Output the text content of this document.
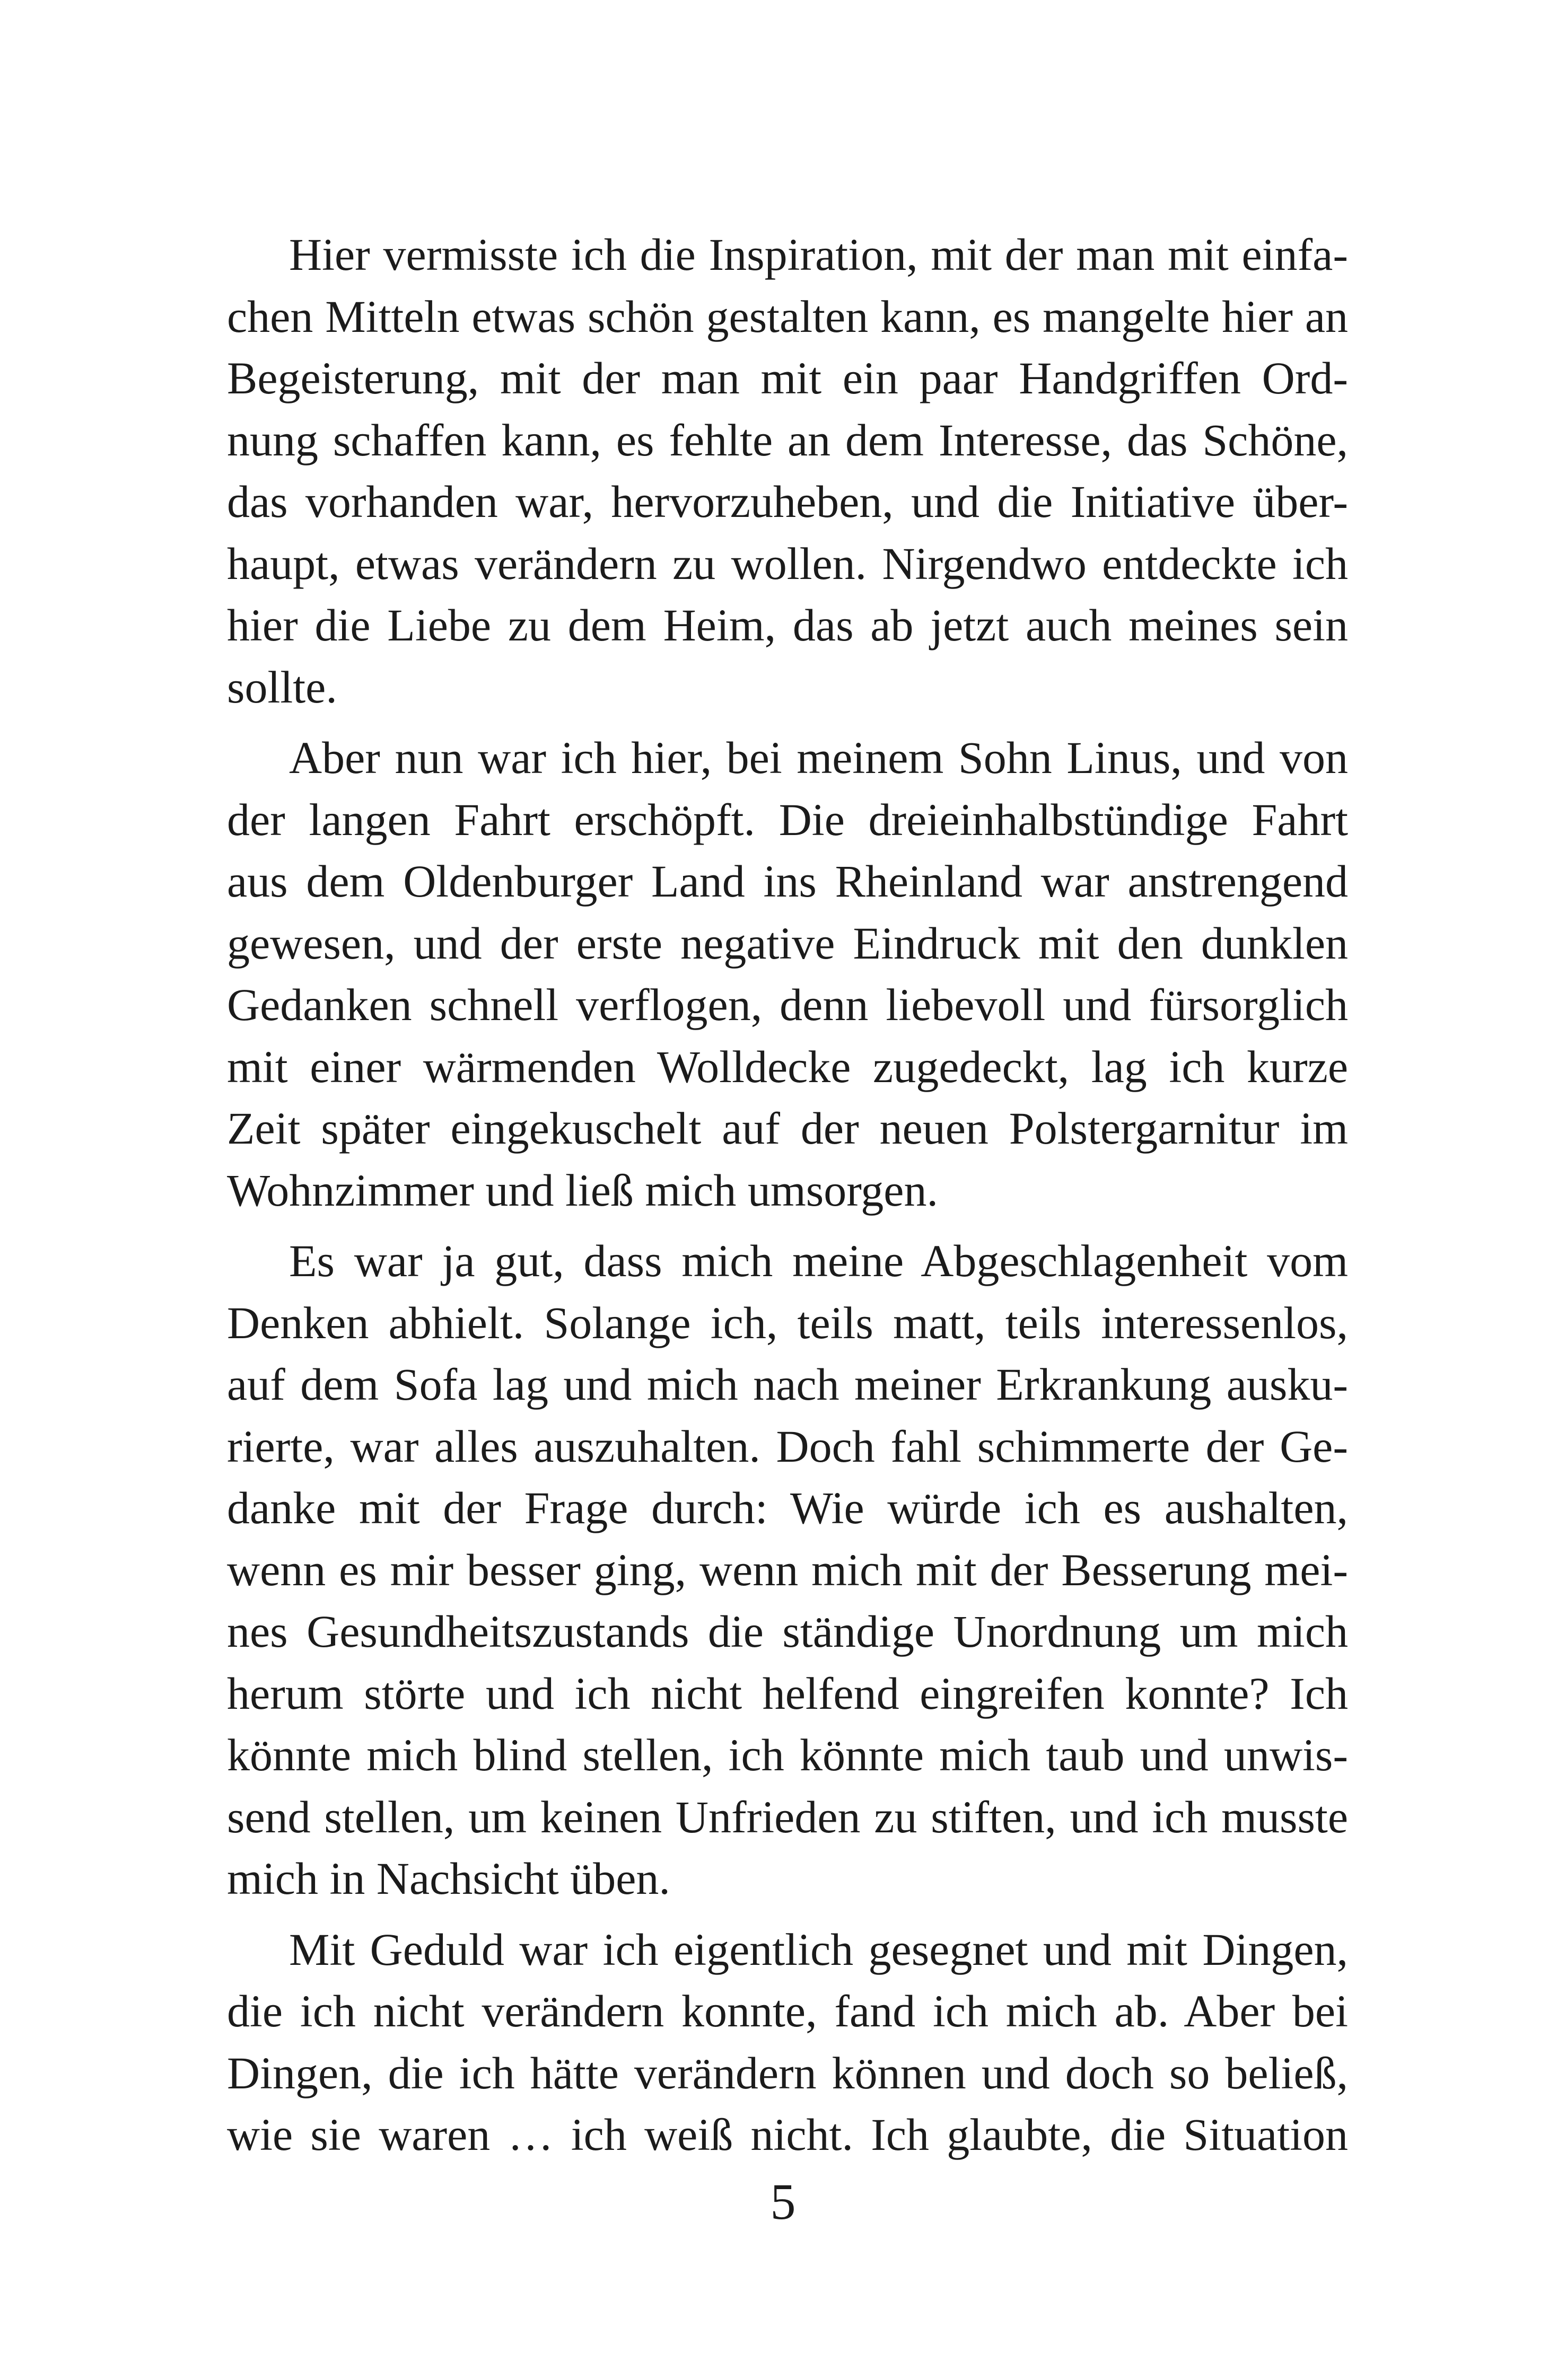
Hier vermisste ich die Inspiration, mit der man mit einfa-
chen Mitteln etwas schön gestalten kann, es mangelte hier an
Begeisterung, mit der man mit ein paar Handgriffen Ord-
nung schaffen kann, es fehlte an dem Interesse, das Schöne,
das vorhanden war, hervorzuheben, und die Initiative über-
haupt, etwas verändern zu wollen. Nirgendwo entdeckte ich
hier die Liebe zu dem Heim, das ab jetzt auch meines sein
sollte.

Aber nun war ich hier, bei meinem Sohn Linus, und von
der langen Fahrt erschöpft. Die dreieinhalbstündige Fahrt
aus dem Oldenburger Land ins Rheinland war anstrengend
gewesen, und der erste negative Eindruck mit den dunklen
Gedanken schnell verflogen, denn liebevoll und fürsorglich
mit einer wärmenden Wolldecke zugedeckt, lag ich kurze
Zeit später eingekuschelt auf der neuen Polstergarnitur im
Wohnzimmer und ließ mich umsorgen.

Es war ja gut, dass mich meine Abgeschlagenheit vom
Denken abhielt. Solange ich, teils matt, teils interessenlos,
auf dem Sofa lag und mich nach meiner Erkrankung ausku-
rierte, war alles auszuhalten. Doch fahl schimmerte der Ge-
danke mit der Frage durch: Wie würde ich es aushalten,
wenn es mir besser ging, wenn mich mit der Besserung mei-
nes Gesundheitszustands die ständige Unordnung um mich
herum störte und ich nicht helfend eingreifen konnte? Ich
könnte mich blind stellen, ich könnte mich taub und unwis-
send stellen, um keinen Unfrieden zu stiften, und ich musste
mich in Nachsicht üben.

Mit Geduld war ich eigentlich gesegnet und mit Dingen,
die ich nicht verändern konnte, fand ich mich ab. Aber bei
Dingen, die ich hätte verändern können und doch so beließ,
wie sie waren … ich weiß nicht. Ich glaubte, die Situation

5
